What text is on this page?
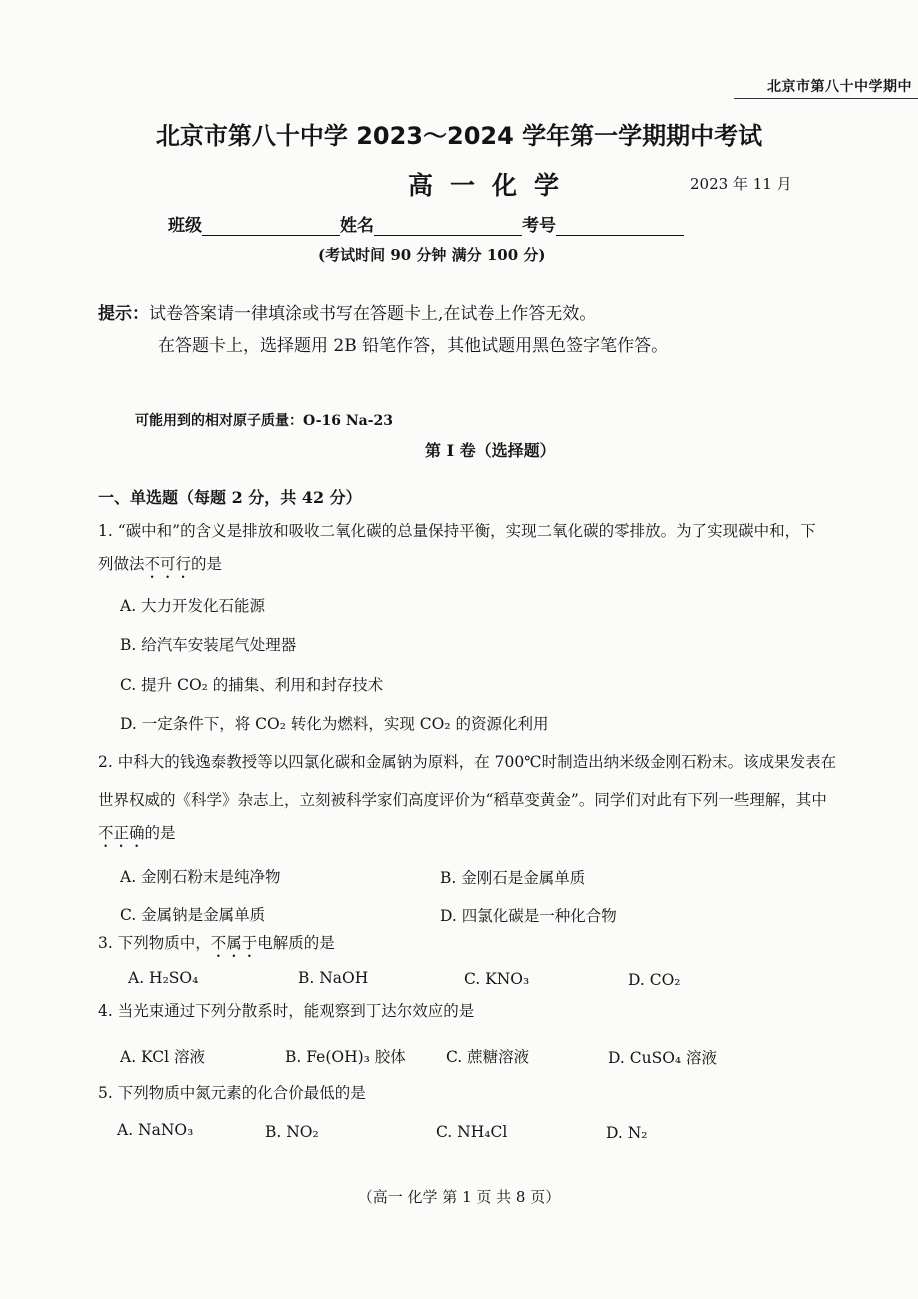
北京市第八十中学期中
北京市第八十中学 2023～2024 学年第一学期期中考试
高一化学	2023 年 11 月
班级	姓名	考号
(考试时间 90 分钟 满分 100 分)
提示：试卷答案请一律填涂或书写在答题卡上,在试卷上作答无效。
在答题卡上，选择题用 2B 铅笔作答，其他试题用黑色签字笔作答。
可能用到的相对原子质量：O-16 Na-23
第 I 卷（选择题）
一、单选题（每题 2 分，共 42 分）
1. “碳中和”的含义是排放和吸收二氧化碳的总量保持平衡，实现二氧化碳的零排放。为了实现碳中和，下
列做法不可行的是
A. 大力开发化石能源
B. 给汽车安装尾气处理器
C. 提升 CO₂ 的捕集、利用和封存技术
D. 一定条件下，将 CO₂ 转化为燃料，实现 CO₂ 的资源化利用
2. 中科大的钱逸泰教授等以四氯化碳和金属钠为原料，在 700℃时制造出纳米级金刚石粉末。该成果发表在
世界权威的《科学》杂志上，立刻被科学家们高度评价为“稻草变黄金”。同学们对此有下列一些理解，其中
不正确的是
A. 金刚石粉末是纯净物	B. 金刚石是金属单质
C. 金属钠是金属单质	D. 四氯化碳是一种化合物
3. 下列物质中，不属于电解质的是
A. H₂SO₄	B. NaOH	C. KNO₃	D. CO₂
4. 当光束通过下列分散系时，能观察到丁达尔效应的是
A. KCl 溶液	B. Fe(OH)₃ 胶体	C. 蔗糖溶液	D. CuSO₄ 溶液
5. 下列物质中氮元素的化合价最低的是
A. NaNO₃	B. NO₂	C. NH₄Cl	D. N₂
（高一 化学 第 1 页 共 8 页）
